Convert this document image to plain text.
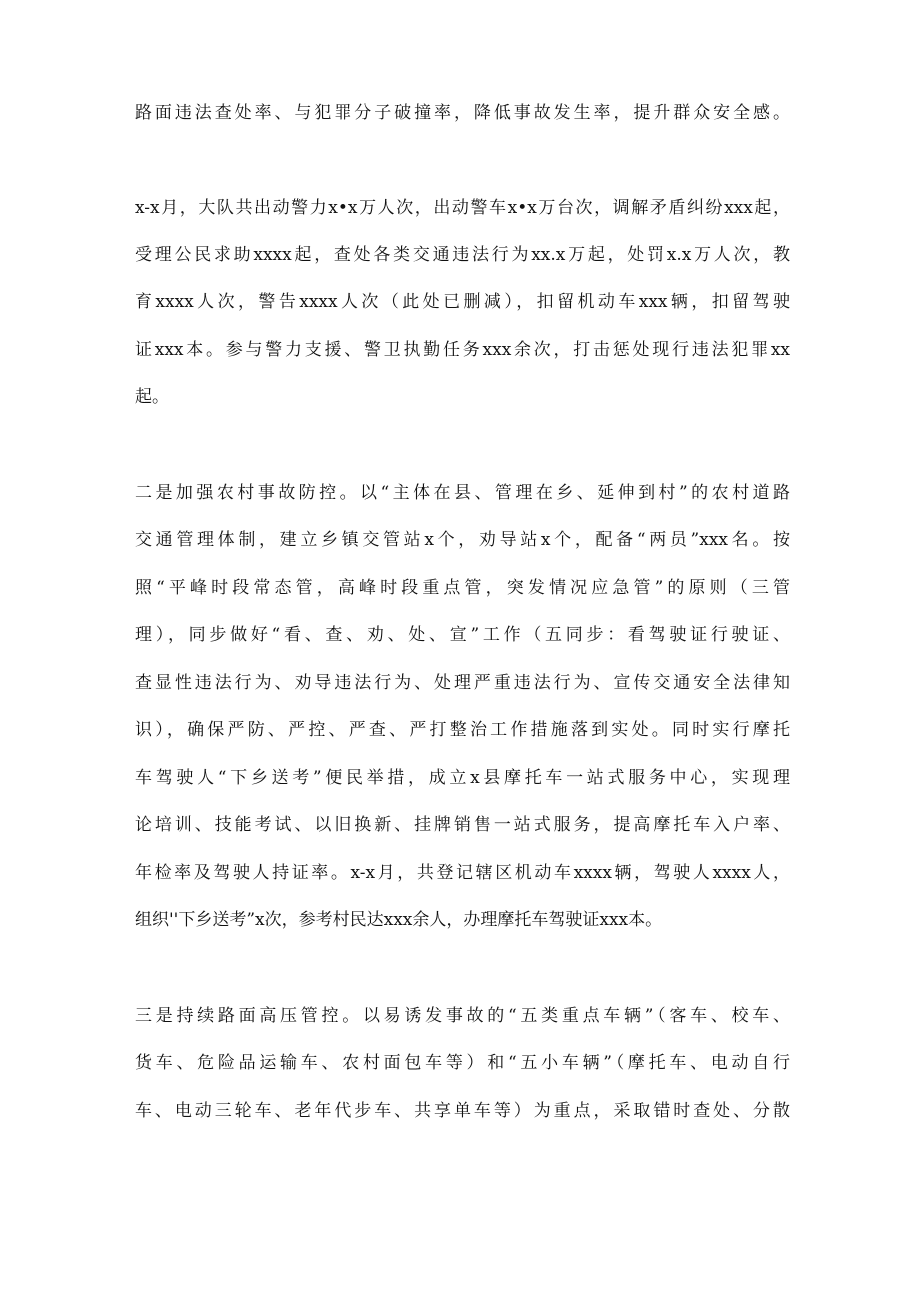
路面违法查处率、与犯罪分子破撞率，降低事故发生率，提升群众安全感。
x-x月，大队共出动警力x•x万人次，出动警车x•x万台次，调解矛盾纠纷xxx起，
受理公民求助xxxx起，查处各类交通违法行为xx.x万起，处罚x.x万人次，教
育xxxx人次，警告xxxx人次（此处已删减），扣留机动车xxx辆，扣留驾驶
证xxx本。参与警力支援、警卫执勤任务xxx余次，打击惩处现行违法犯罪xx
起。
二是加强农村事故防控。以“主体在县、管理在乡、延伸到村”的农村道路
交通管理体制，建立乡镇交管站x个，劝导站x个，配备“两员”xxx名。按
照“平峰时段常态管，高峰时段重点管，突发情况应急管”的原则（三管
理），同步做好“看、查、劝、处、宣”工作（五同步：看驾驶证行驶证、
查显性违法行为、劝导违法行为、处理严重违法行为、宣传交通安全法律知
识），确保严防、严控、严查、严打整治工作措施落到实处。同时实行摩托
车驾驶人“下乡送考”便民举措，成立x县摩托车一站式服务中心，实现理
论培训、技能考试、以旧换新、挂牌销售一站式服务，提高摩托车入户率、
年检率及驾驶人持证率。x-x月，共登记辖区机动车xxxx辆，驾驶人xxxx人，
组织''下乡送考”x次，参考村民达xxx余人，办理摩托车驾驶证xxx本。
三是持续路面高压管控。以易诱发事故的“五类重点车辆”（客车、校车、
货车、危险品运输车、农村面包车等）和“五小车辆”（摩托车、电动自行
车、电动三轮车、老年代步车、共享单车等）为重点，采取错时查处、分散
